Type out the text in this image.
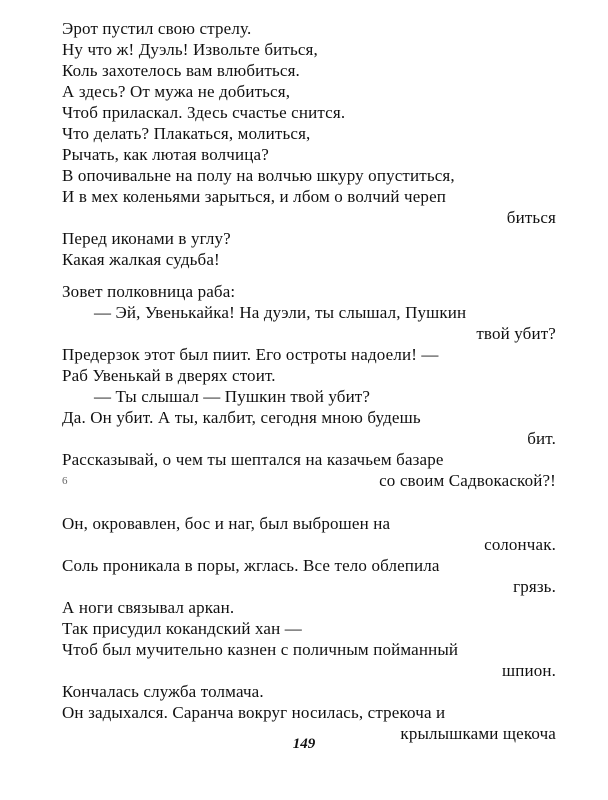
Эрот пустил свою стрелу.
Ну что ж! Дуэль! Извольте биться,
Коль захотелось вам влюбиться.
А здесь? От мужа не добиться,
Чтоб приласкал. Здесь счастье снится.
Что делать? Плакаться, молиться,
Рычать, как лютая волчица?
В опочивальне на полу на волчью шкуру опуститься,
И в мех коленьями зарыться, и лбом о волчий череп
биться
Перед иконами в углу?
Какая жалкая судьба!
Зовет полковница раба:
— Эй, Увенькайка! На дуэли, ты слышал, Пушкин
твой убит?
Предерзок этот был пиит. Его остроты надоели! —
Раб Увенькай в дверях стоит.
— Ты слышал — Пушкин твой убит?
Да. Он убит. А ты, калбит, сегодня мною будешь
бит.
Рассказывай, о чем ты шептался на казачьем базаре
со своим Садвокаской?!
6
Он, окровавлен, бос и наг, был выброшен на
солончак.
Соль проникала в поры, жглась. Все тело облепила
грязь.
А ноги связывал аркан.
Так присудил кокандский хан —
Чтоб был мучительно казнен с поличным пойманный
шпион.
Кончалась служба толмача.
Он задыхался. Саранча вокруг носилась, стрекоча и
крылышками щекоча
149
